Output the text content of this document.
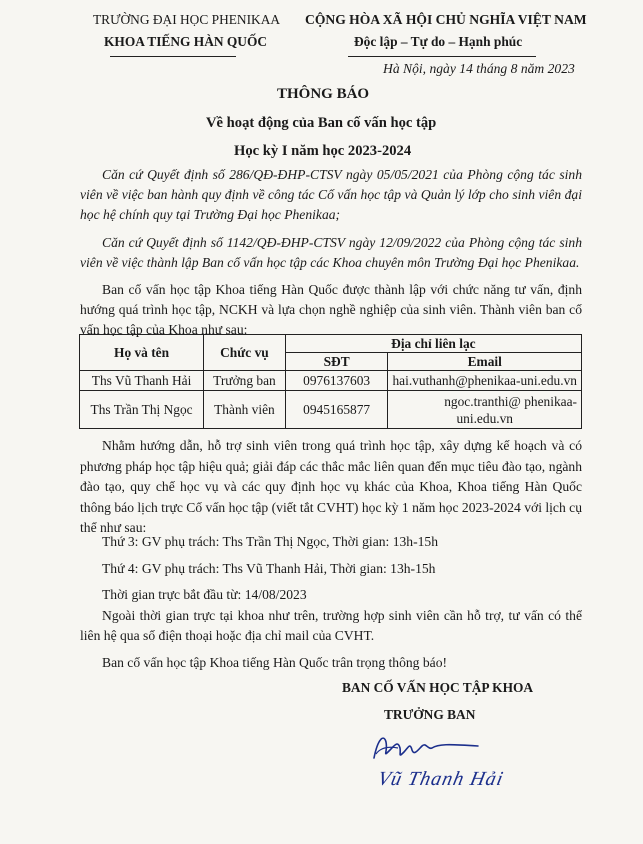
TRƯỜNG ĐẠI HỌC PHENIKAA
KHOA TIẾNG HÀN QUỐC
CỘNG HÒA XÃ HỘI CHỦ NGHĨA VIỆT NAM
Độc lập – Tự do – Hạnh phúc
Hà Nội, ngày 14 tháng 8 năm 2023
THÔNG BÁO
Về hoạt động của Ban cố vấn học tập
Học kỳ I năm học 2023-2024
Căn cứ Quyết định số 286/QĐ-ĐHP-CTSV ngày 05/05/2021 của Phòng cộng tác sinh viên về việc ban hành quy định về công tác Cố vấn học tập và Quản lý lớp cho sinh viên đại học hệ chính quy tại Trường Đại học Phenikaa;
Căn cứ Quyết định số 1142/QĐ-ĐHP-CTSV ngày 12/09/2022 của Phòng cộng tác sinh viên về việc thành lập Ban cố vấn học tập các Khoa chuyên môn Trường Đại học Phenikaa.
Ban cố vấn học tập Khoa tiếng Hàn Quốc được thành lập với chức năng tư vấn, định hướng quá trình học tập, NCKH và lựa chọn nghề nghiệp của sinh viên. Thành viên ban cố vấn học tập của Khoa như sau:
Họ và tên	Chức vụ	Địa chỉ liên lạc	
		SĐT	Email
Ths Vũ Thanh Hải	Trưởng ban	0976137603	hai.vuthanh@phenikaa-uni.edu.vn
Ths Trần Thị Ngọc	Thành viên	0945165877	ngoc.tranthi@ phenikaa-
uni.edu.vn
Nhằm hướng dẫn, hỗ trợ sinh viên trong quá trình học tập, xây dựng kế hoạch và có phương pháp học tập hiệu quả; giải đáp các thắc mắc liên quan đến mục tiêu đào tạo, ngành đào tạo, quy chế học vụ và các quy định học vụ khác của Khoa, Khoa tiếng Hàn Quốc thông báo lịch trực Cố vấn học tập (viết tắt CVHT) học kỳ 1 năm học 2023-2024 với lịch cụ thể như sau:
Thứ 3: GV phụ trách: Ths Trần Thị Ngọc, Thời gian: 13h-15h
Thứ 4: GV phụ trách: Ths Vũ Thanh Hải, Thời gian: 13h-15h
Thời gian trực bắt đầu từ: 14/08/2023
Ngoài thời gian trực tại khoa như trên, trường hợp sinh viên cần hỗ trợ, tư vấn có thể liên hệ qua số điện thoại hoặc địa chỉ mail của CVHT.
Ban cố vấn học tập Khoa tiếng Hàn Quốc trân trọng thông báo!
BAN CỐ VẤN HỌC TẬP KHOA
TRƯỞNG BAN
Vũ Thanh Hải
